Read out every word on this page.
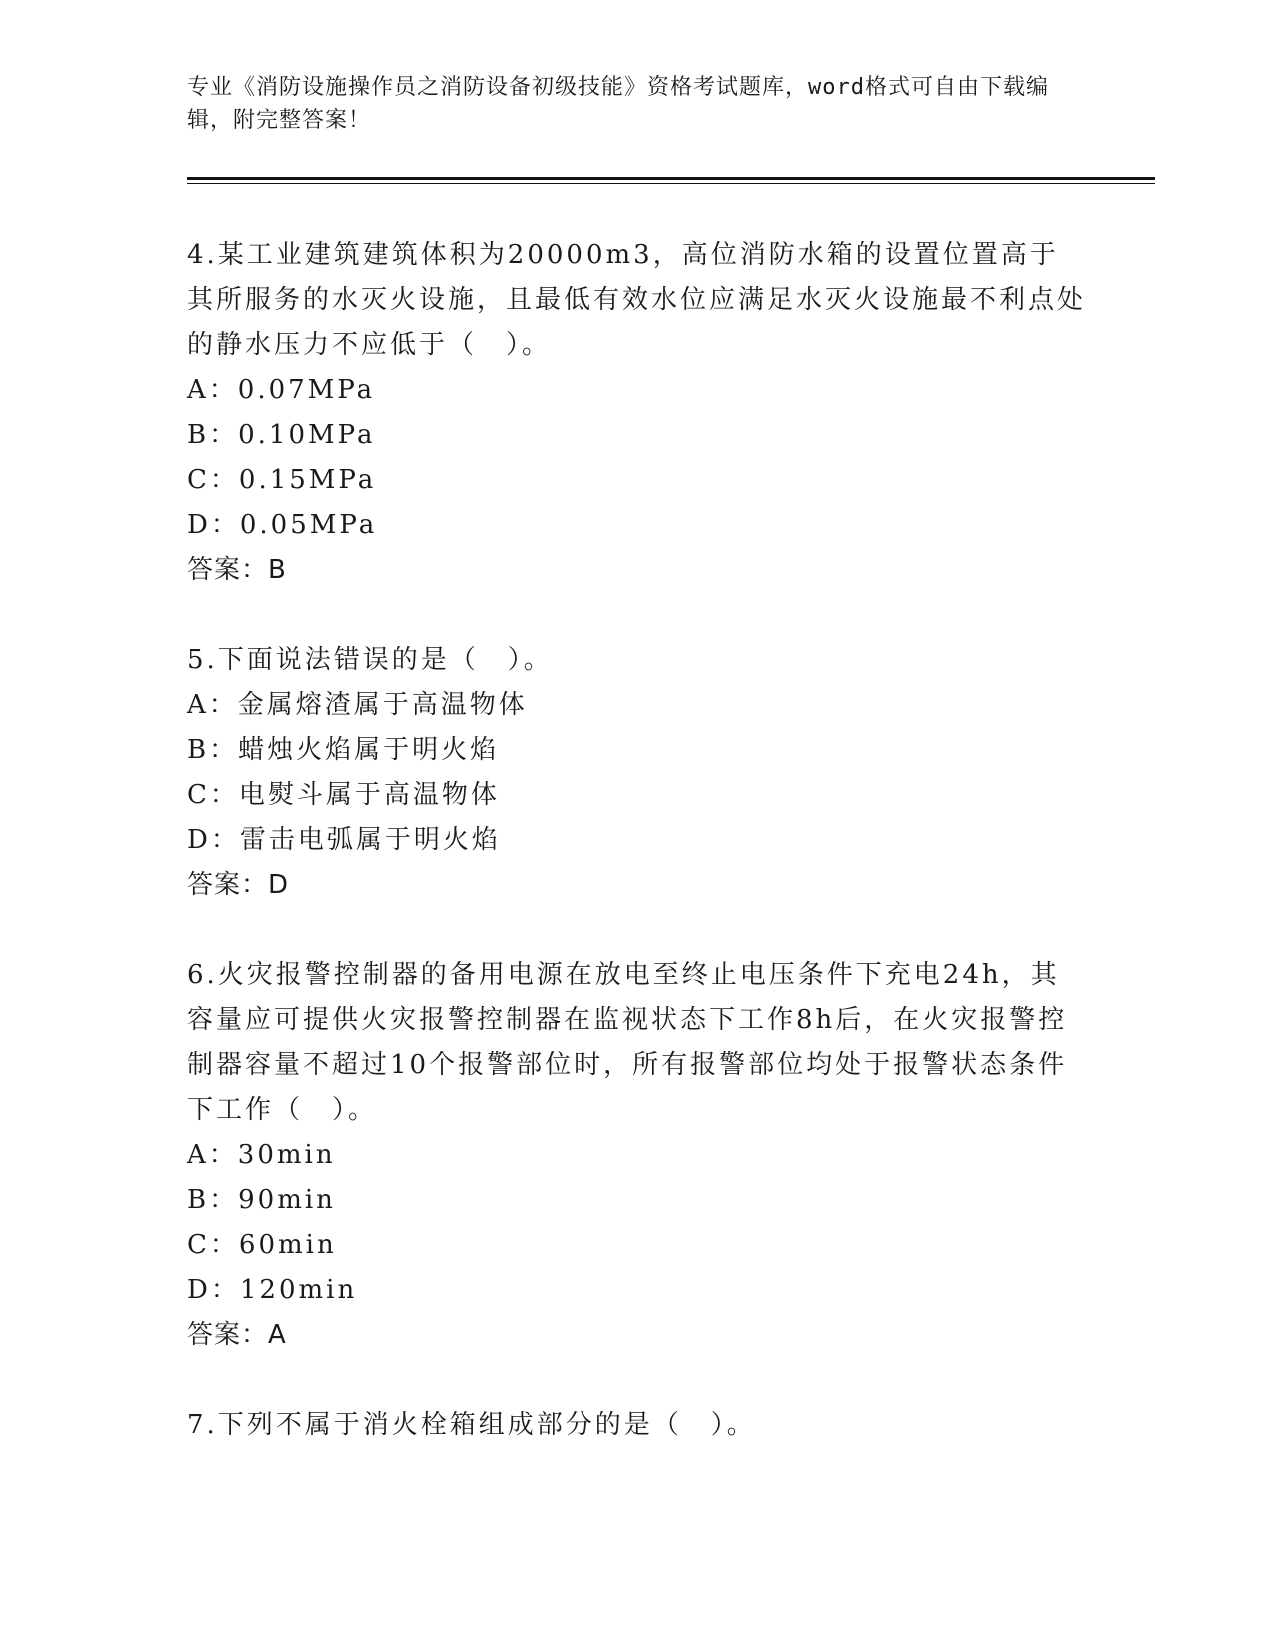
专业《消防设施操作员之消防设备初级技能》资格考试题库，word格式可自由下载编辑，附完整答案！

4.某工业建筑建筑体积为20000m3，高位消防水箱的设置位置高于其所服务的水灭火设施，且最低有效水位应满足水灭火设施最不利点处的静水压力不应低于（　）。

A：0.07MPa

B：0.10MPa

C：0.15MPa

D：0.05MPa

答案：B

5.下面说法错误的是（　）。

A：金属熔渣属于高温物体

B：蜡烛火焰属于明火焰

C：电熨斗属于高温物体

D：雷击电弧属于明火焰

答案：D

6.火灾报警控制器的备用电源在放电至终止电压条件下充电24h，其容量应可提供火灾报警控制器在监视状态下工作8h后，在火灾报警控制器容量不超过10个报警部位时，所有报警部位均处于报警状态条件下工作（　）。

A：30min

B：90min

C：60min

D：120min

答案：A

7.下列不属于消火栓箱组成部分的是（　）。
